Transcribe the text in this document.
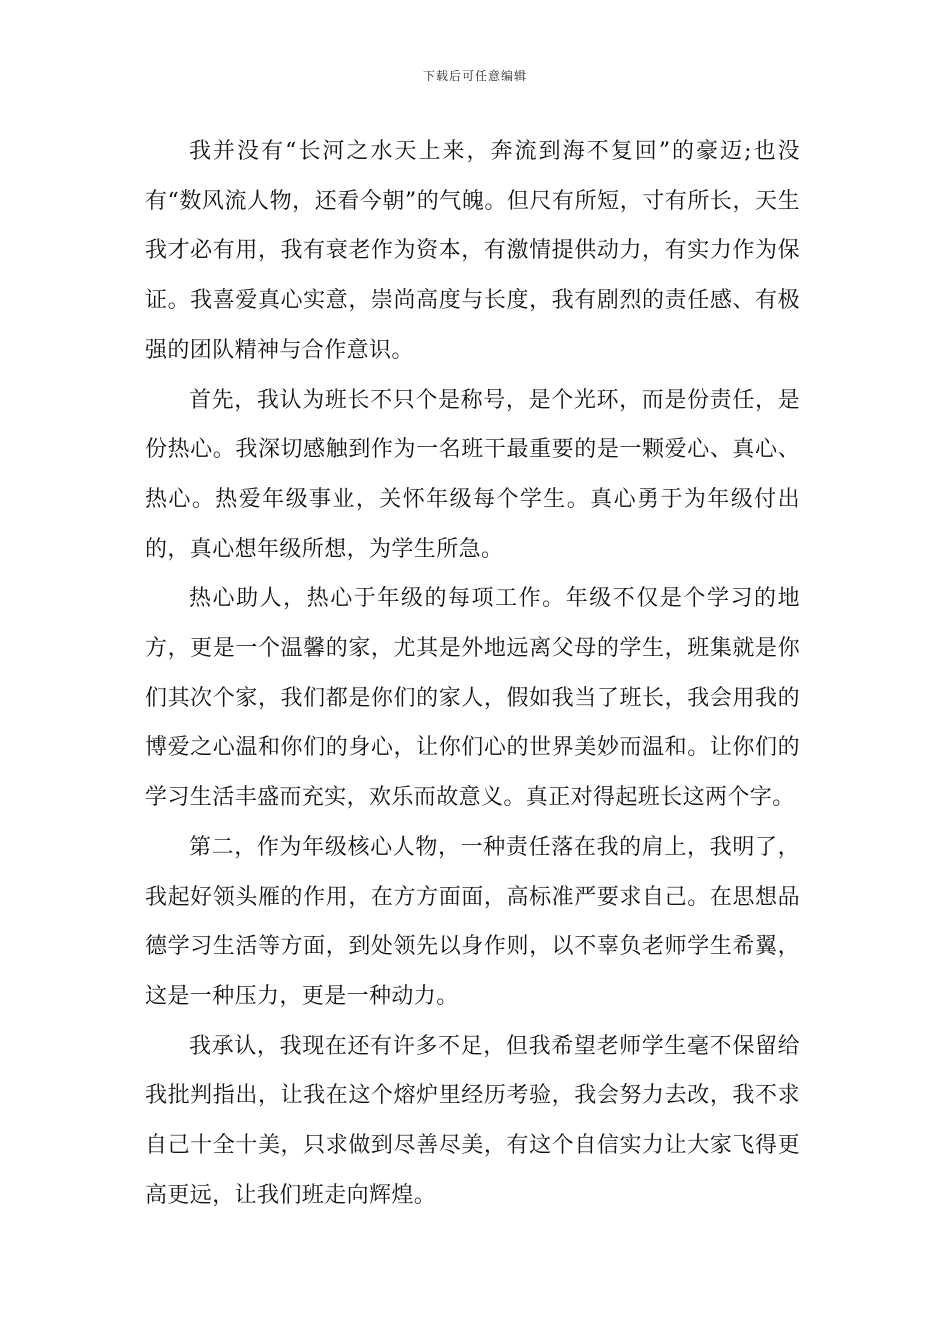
下载后可任意编辑

我并没有“长河之水天上来，奔流到海不复回”的豪迈;也没有“数风流人物，还看今朝”的气魄。但尺有所短，寸有所长，天生我才必有用，我有衰老作为资本，有激情提供动力，有实力作为保证。我喜爱真心实意，崇尚高度与长度，我有剧烈的责任感、有极强的团队精神与合作意识。

首先，我认为班长不只个是称号，是个光环，而是份责任，是份热心。我深切感触到作为一名班干最重要的是一颗爱心、真心、热心。热爱年级事业，关怀年级每个学生。真心勇于为年级付出的，真心想年级所想，为学生所急。

热心助人，热心于年级的每项工作。年级不仅是个学习的地方，更是一个温馨的家，尤其是外地远离父母的学生，班集就是你们其次个家，我们都是你们的家人，假如我当了班长，我会用我的博爱之心温和你们的身心，让你们心的世界美妙而温和。让你们的学习生活丰盛而充实，欢乐而故意义。真正对得起班长这两个字。

第二，作为年级核心人物，一种责任落在我的肩上，我明了，我起好领头雁的作用，在方方面面，高标准严要求自己。在思想品德学习生活等方面，到处领先以身作则，以不辜负老师学生希翼，这是一种压力，更是一种动力。

我承认，我现在还有许多不足，但我希望老师学生毫不保留给我批判指出，让我在这个熔炉里经历考验，我会努力去改，我不求自己十全十美，只求做到尽善尽美，有这个自信实力让大家飞得更高更远，让我们班走向辉煌。
